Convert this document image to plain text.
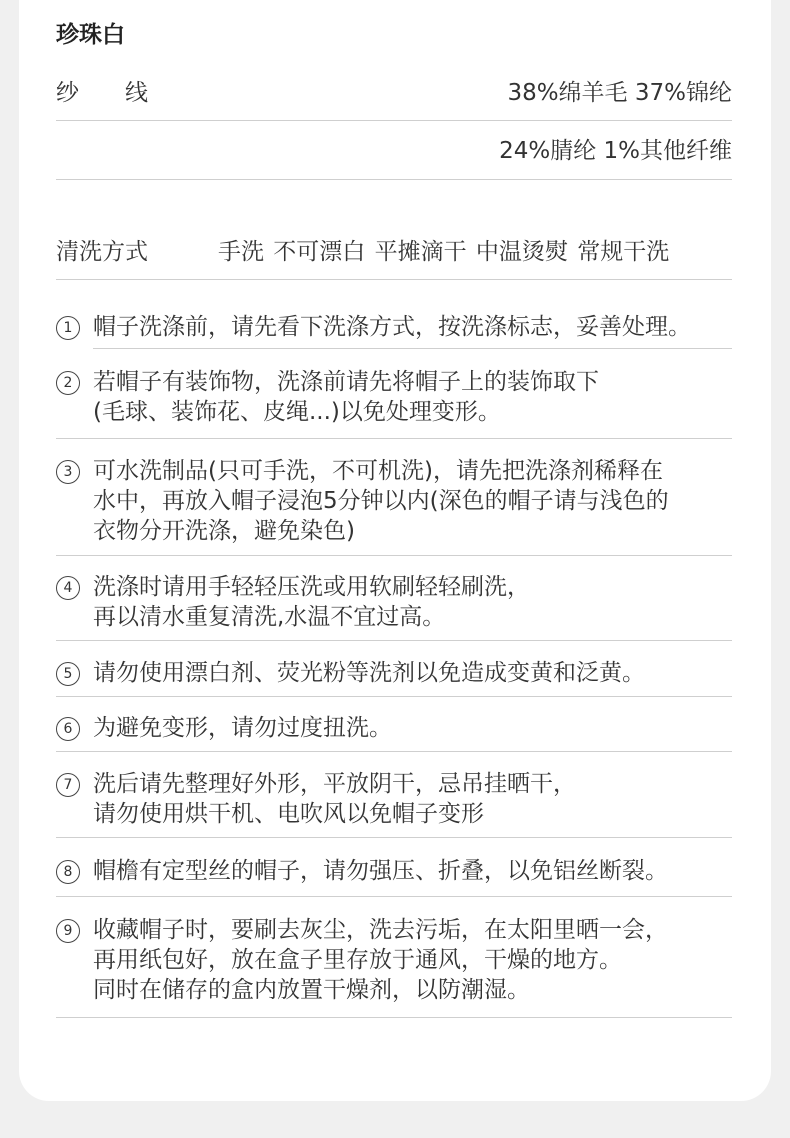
珍珠白
纱　　线	38%绵羊毛 37%锦纶
24%腈纶 1%其他纤维
清洗方式	手洗 不可漂白 平摊滴干 中温烫熨 常规干洗
1 帽子洗涤前，请先看下洗涤方式，按洗涤标志，妥善处理。
2 若帽子有装饰物，洗涤前请先将帽子上的装饰取下
(毛球、装饰花、皮绳...)以免处理变形。
3 可水洗制品(只可手洗，不可机洗)，请先把洗涤剂稀释在
水中，再放入帽子浸泡5分钟以内(深色的帽子请与浅色的
衣物分开洗涤，避免染色)
4 洗涤时请用手轻轻压洗或用软刷轻轻刷洗，
再以清水重复清洗,水温不宜过高。
5 请勿使用漂白剂、荧光粉等洗剂以免造成变黄和泛黄。
6 为避免变形，请勿过度扭洗。
7 洗后请先整理好外形，平放阴干，忌吊挂晒干，
请勿使用烘干机、电吹风以免帽子变形
8 帽檐有定型丝的帽子，请勿强压、折叠，以免铝丝断裂。
9 收藏帽子时，要刷去灰尘，洗去污垢，在太阳里晒一会，
再用纸包好，放在盒子里存放于通风，干燥的地方。
同时在储存的盒内放置干燥剂，以防潮湿。
